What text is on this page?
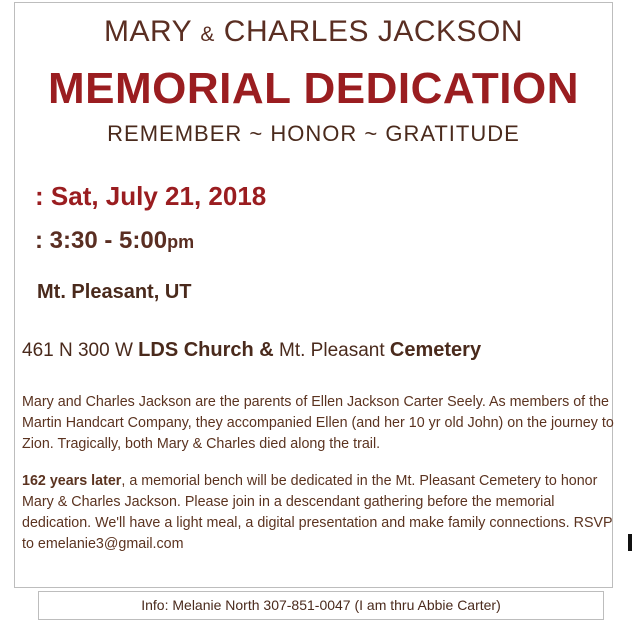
MARY & CHARLES JACKSON
MEMORIAL DEDICATION
REMEMBER ~ HONOR ~ GRATITUDE
: Sat, July 21, 2018
: 3:30 - 5:00pm
Mt. Pleasant, UT
461 N 300 W LDS Church & Mt. Pleasant Cemetery
Mary and Charles Jackson are the parents of Ellen Jackson Carter Seely. As members of the Martin Handcart Company, they accompanied Ellen (and her 10 yr old John) on the journey to Zion. Tragically, both Mary & Charles died along the trail.
162 years later, a memorial bench will be dedicated in the Mt. Pleasant Cemetery to honor Mary & Charles Jackson. Please join in a descendant gathering before the memorial dedication. We'll have a light meal, a digital presentation and make family connections. RSVP to emelanie3@gmail.com
Info: Melanie North 307-851-0047 (I am thru Abbie Carter)
